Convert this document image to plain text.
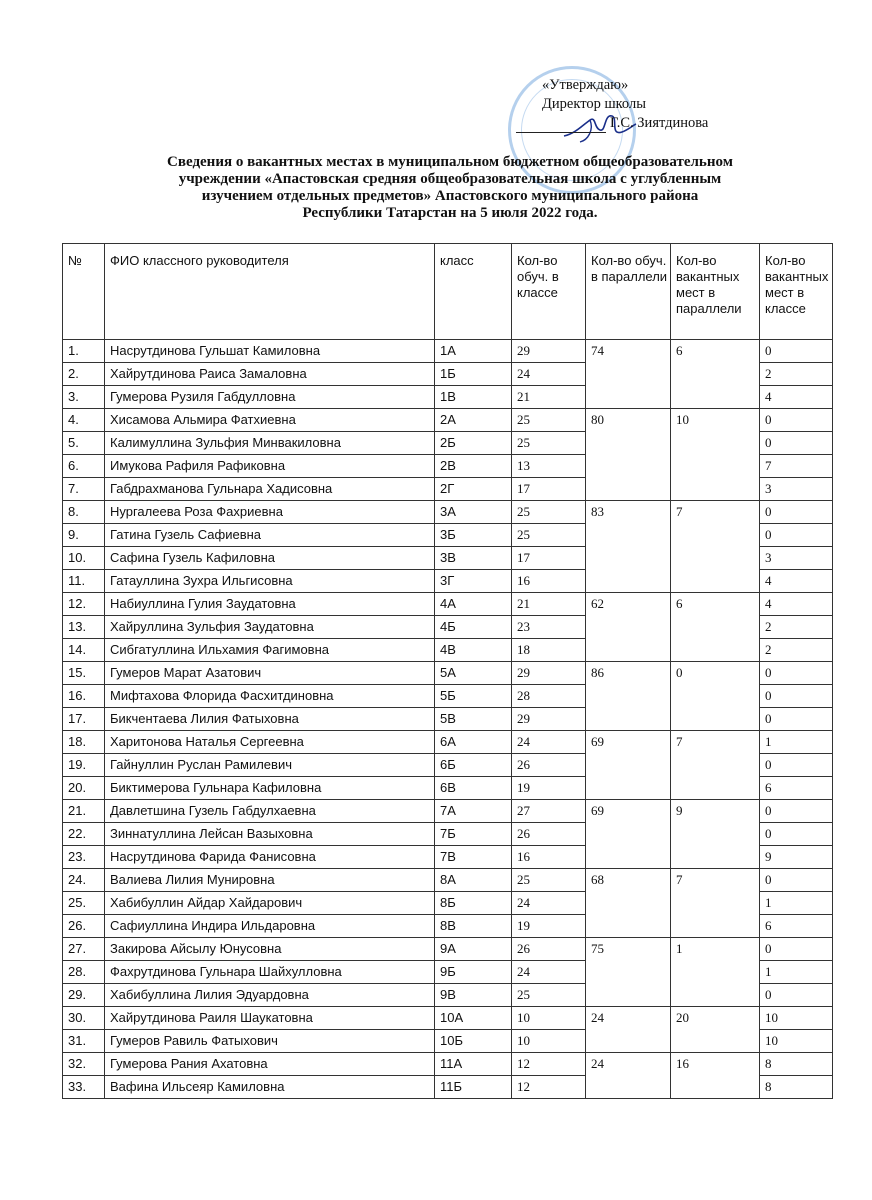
«Утверждаю»
Директор школы
Г.С. Зиятдинова
Сведения о вакантных местах в муниципальном бюджетном общеобразовательном
учреждении «Апастовская средняя общеобразовательная школа с углубленным
изучением отдельных предметов» Апастовского муниципального района
Республики Татарстан на 5 июля 2022 года.
№	ФИО классного руководителя	класс	Кол-во обуч. в классе	Кол-во обуч. в параллели	Кол-во вакантных мест в параллели	Кол-во вакантных мест в классе
1.	Насрутдинова Гульшат Камиловна	1А	29	74	6	0
2.	Хайрутдинова Раиса Замаловна	1Б	24			2
3.	Гумерова Рузиля Габдулловна	1В	21			4
4.	Хисамова Альмира Фатхиевна	2А	25	80	10	0
5.	Калимуллина Зульфия Минвакиловна	2Б	25			0
6.	Имукова Рафиля Рафиковна	2В	13			7
7.	Габдрахманова Гульнара Хадисовна	2Г	17			3
8.	Нургалеева Роза Фахриевна	3А	25	83	7	0
9.	Гатина Гузель Сафиевна	3Б	25			0
10.	Сафина Гузель Кафиловна	3В	17			3
11.	Гатауллина Зухра Ильгисовна	3Г	16			4
12.	Набиуллина Гулия Заудатовна	4А	21	62	6	4
13.	Хайруллина Зульфия Заудатовна	4Б	23			2
14.	Сибгатуллина Ильхамия Фагимовна	4В	18			2
15.	Гумеров Марат Азатович	5А	29	86	0	0
16.	Мифтахова Флорида Фасхитдиновна	5Б	28			0
17.	Бикчентаева Лилия Фатыховна	5В	29			0
18.	Харитонова Наталья Сергеевна	6А	24	69	7	1
19.	Гайнуллин Руслан Рамилевич	6Б	26			0
20.	Биктимерова Гульнара Кафиловна	6В	19			6
21.	Давлетшина Гузель Габдулхаевна	7А	27	69	9	0
22.	Зиннатуллина Лейсан Вазыховна	7Б	26			0
23.	Насрутдинова Фарида Фанисовна	7В	16			9
24.	Валиева Лилия Мунировна	8А	25	68	7	0
25.	Хабибуллин Айдар Хайдарович	8Б	24			1
26.	Сафиуллина Индира Ильдаровна	8В	19			6
27.	Закирова Айсылу Юнусовна	9А	26	75	1	0
28.	Фахрутдинова Гульнара Шайхулловна	9Б	24			1
29.	Хабибуллина Лилия Эдуардовна	9В	25			0
30.	Хайрутдинова Раиля Шаукатовна	10А	10	24	20	10
31.	Гумеров Равиль Фатыхович	10Б	10			10
32.	Гумерова Рания Ахатовна	11А	12	24	16	8
33.	Вафина Ильсеяр Камиловна	11Б	12			8
